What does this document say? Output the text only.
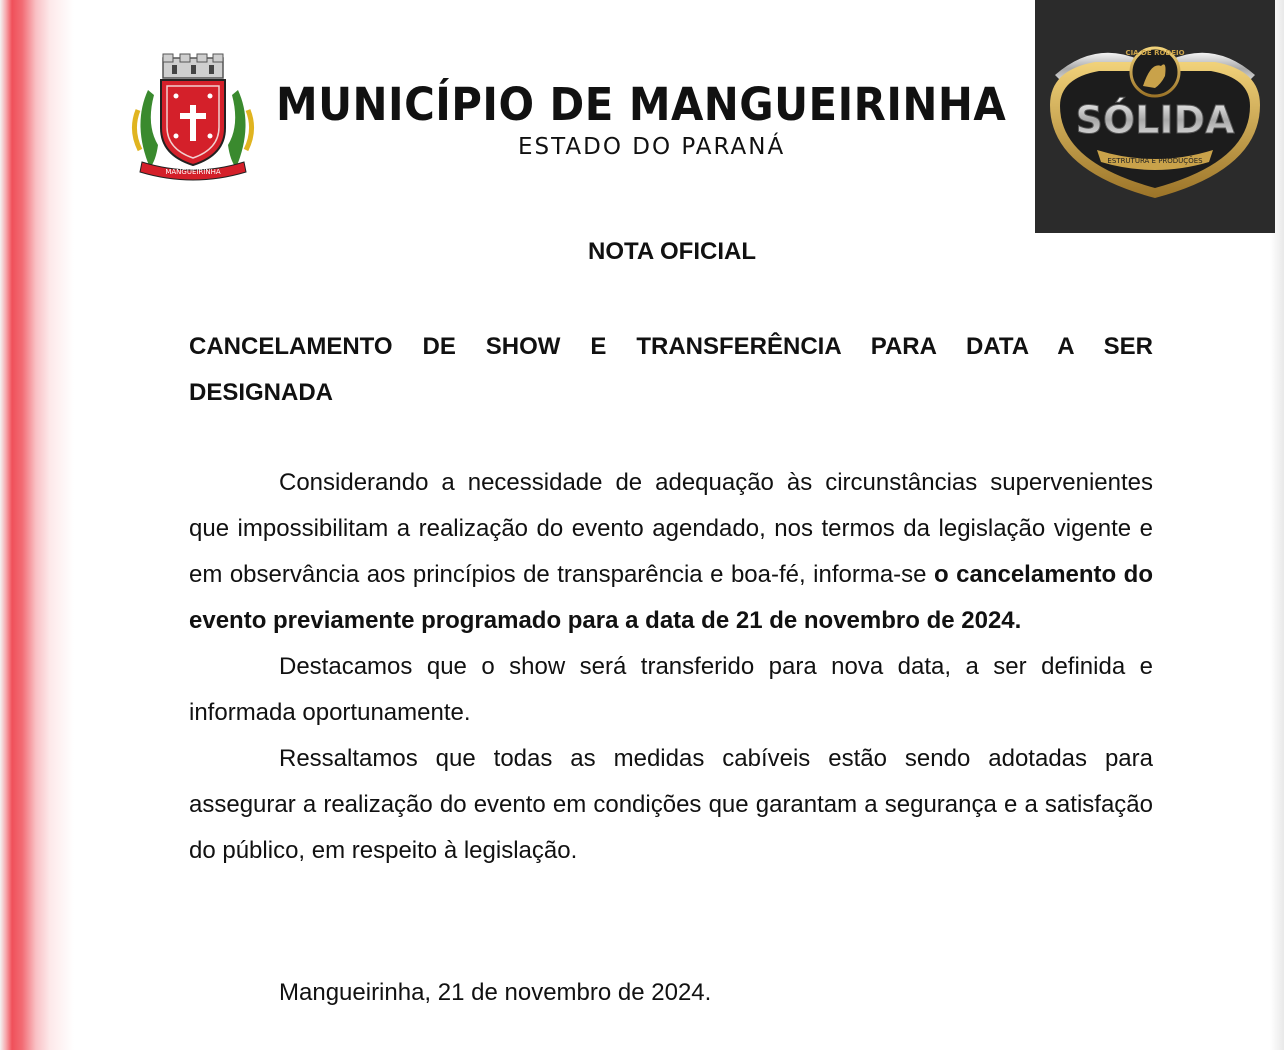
MANGUEIRINHA
MUNICÍPIO DE MANGUEIRINHA
ESTADO DO PARANÁ
CIA DE RODEIO
SÓLIDA
ESTRUTURA E PRODUÇÕES
NOTA OFICIAL
CANCELAMENTO DE SHOW E TRANSFERÊNCIA PARA DATA A SER
DESIGNADA

Considerando a necessidade de adequação às circunstâncias supervenientes que impossibilitam a realização do evento agendado, nos termos da legislação vigente e em observância aos princípios de transparência e boa-fé, informa-se o cancelamento do evento previamente programado para a data de 21 de novembro de 2024.

Destacamos que o show será transferido para nova data, a ser definida e informada oportunamente.

Ressaltamos que todas as medidas cabíveis estão sendo adotadas para assegurar a realização do evento em condições que garantam a segurança e a satisfação do público, em respeito à legislação.

Mangueirinha, 21 de novembro de 2024.
